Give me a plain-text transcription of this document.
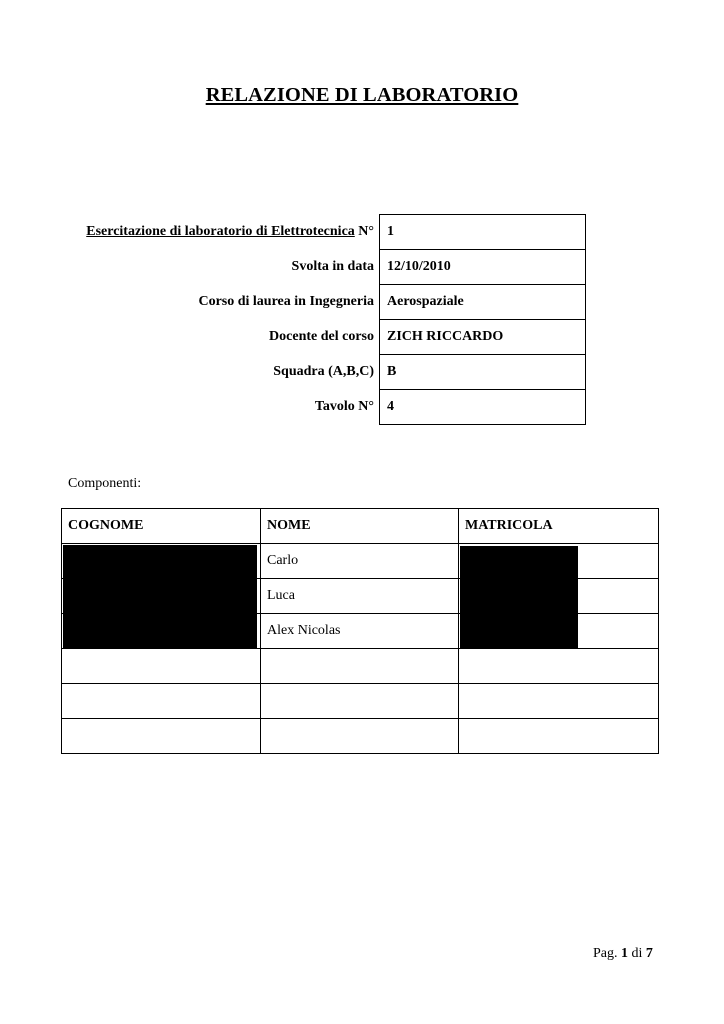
RELAZIONE DI LABORATORIO
Esercitazione di laboratorio di Elettrotecnica N°	1
Svolta in data	12/10/2010
Corso di laurea in Ingegneria	Aerospaziale
Docente del corso	ZICH RICCARDO
Squadra (A,B,C)	B
Tavolo N°	4
Componenti:
COGNOME	NOME	MATRICOLA
	Carlo	
	Luca	
	Alex Nicolas	

Pag. 1 di 7
